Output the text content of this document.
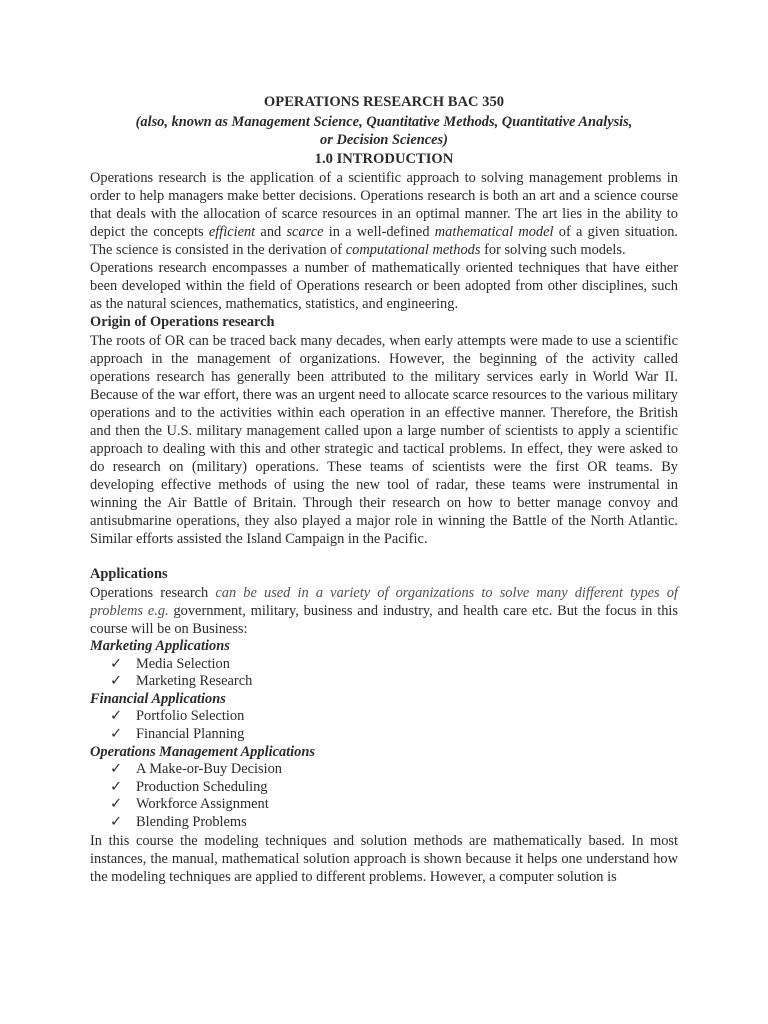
OPERATIONS RESEARCH BAC 350

(also, known as Management Science, Quantitative Methods, Quantitative Analysis, or Decision Sciences)

1.0 INTRODUCTION

Operations research is the application of a scientific approach to solving management problems in order to help managers make better decisions. Operations research is both an art and a science course that deals with the allocation of scarce resources in an optimal manner. The art lies in the ability to depict the concepts efficient and scarce in a well-defined mathematical model of a given situation. The science is consisted in the derivation of computational methods for solving such models.

Operations research encompasses a number of mathematically oriented techniques that have either been developed within the field of Operations research or been adopted from other disciplines, such as the natural sciences, mathematics, statistics, and engineering.

Origin of Operations research

The roots of OR can be traced back many decades, when early attempts were made to use a scientific approach in the management of organizations. However, the beginning of the activity called operations research has generally been attributed to the military services early in World War II. Because of the war effort, there was an urgent need to allocate scarce resources to the various military operations and to the activities within each operation in an effective manner. Therefore, the British and then the U.S. military management called upon a large number of scientists to apply a scientific approach to dealing with this and other strategic and tactical problems. In effect, they were asked to do research on (military) operations. These teams of scientists were the first OR teams. By developing effective methods of using the new tool of radar, these teams were instrumental in winning the Air Battle of Britain. Through their research on how to better manage convoy and antisubmarine operations, they also played a major role in winning the Battle of the North Atlantic. Similar efforts assisted the Island Campaign in the Pacific.

Applications

Operations research can be used in a variety of organizations to solve many different types of problems e.g. government, military, business and industry, and health care etc. But the focus in this course will be on Business:

Marketing Applications

✓ Media Selection
✓ Marketing Research

Financial Applications

✓ Portfolio Selection
✓ Financial Planning

Operations Management Applications

✓ A Make-or-Buy Decision
✓ Production Scheduling
✓ Workforce Assignment
✓ Blending Problems

In this course the modeling techniques and solution methods are mathematically based. In most instances, the manual, mathematical solution approach is shown because it helps one understand how the modeling techniques are applied to different problems. However, a computer solution is
